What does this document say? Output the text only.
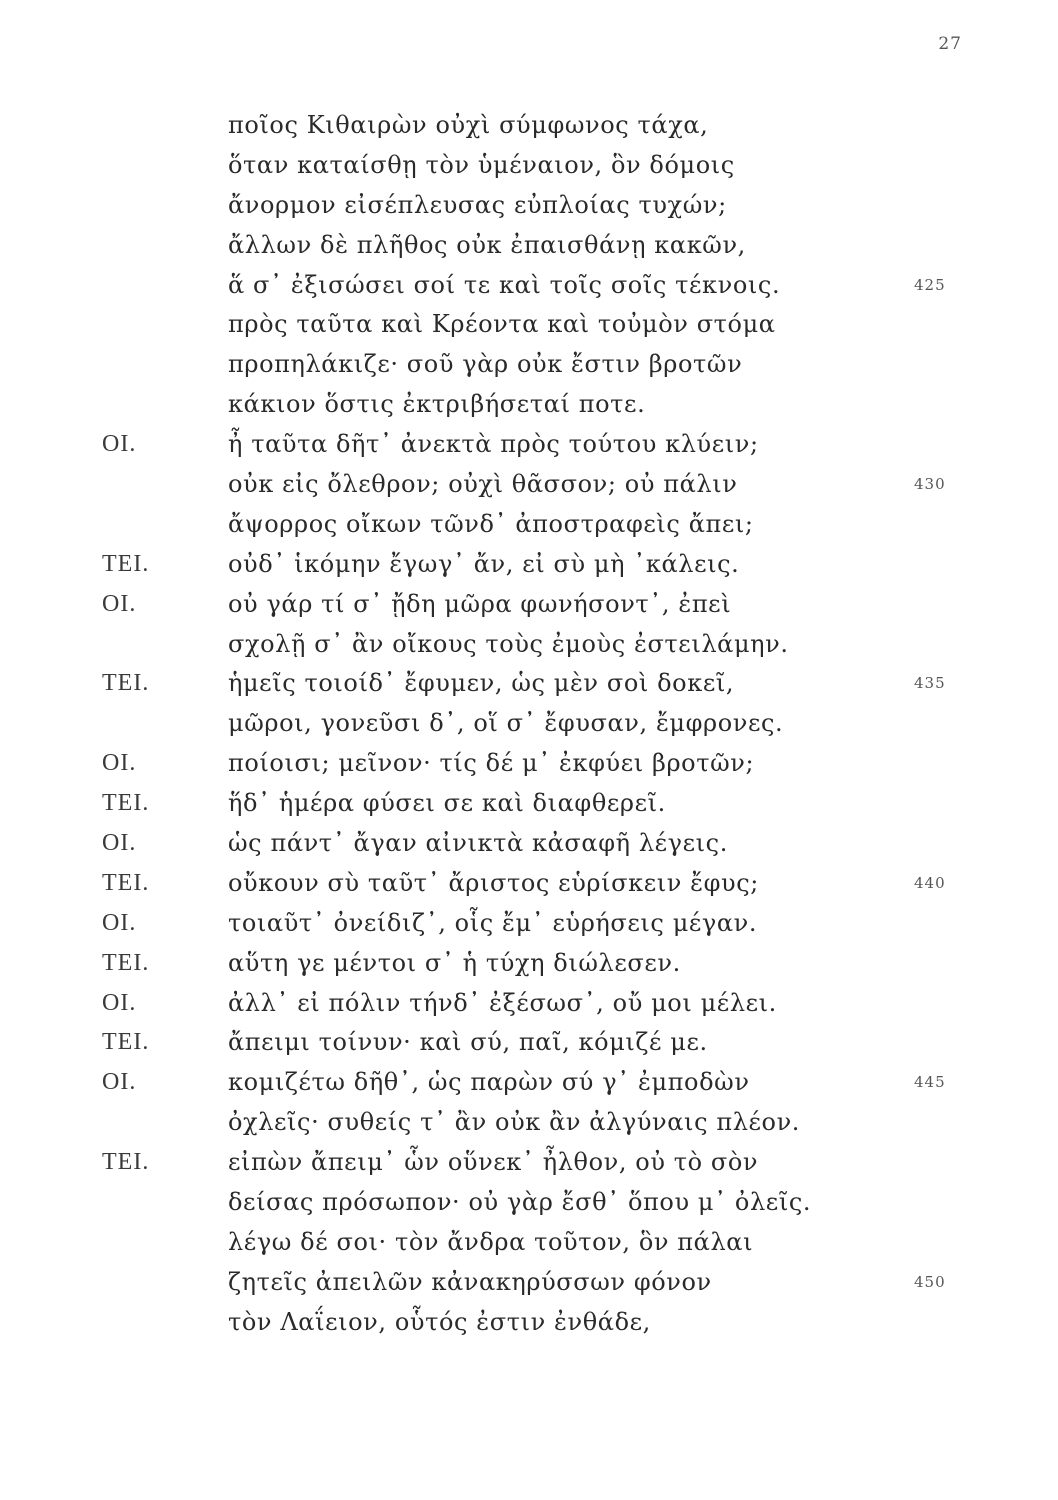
27
ποῖος Κιθαιρὼν οὐχὶ σύμφωνος τάχα,
ὅταν καταίσθῃ τὸν ὑμέναιον, ὃν δόμοις
ἄνορμον εἰσέπλευσας εὐπλοίας τυχών;
ἄλλων δὲ πλῆθος οὐκ ἐπαισθάνῃ κακῶν,
ἅ σ᾽ ἐξισώσει σοί τε καὶ τοῖς σοῖς τέκνοις.	425
πρὸς ταῦτα καὶ Κρέοντα καὶ τοὐμὸν στόμα
προπηλάκιζε· σοῦ γὰρ οὐκ ἔστιν βροτῶν
κάκιον ὅστις ἐκτριβήσεταί ποτε.
ΟΙ.	ἦ ταῦτα δῆτ᾽ ἀνεκτὰ πρὸς τούτου κλύειν;
οὐκ εἰς ὄλεθρον; οὐχὶ θᾶσσον; οὐ πάλιν	430
ἄψορρος οἴκων τῶνδ᾽ ἀποστραφεὶς ἄπει;
ΤΕΙ.	οὐδ᾽ ἱκόμην ἔγωγ᾽ ἄν, εἰ σὺ μὴ ᾽κάλεις.
ΟΙ.	οὐ γάρ τί σ᾽ ᾔδη μῶρα φωνήσοντ᾽, ἐπεὶ
σχολῇ σ᾽ ἂν οἴκους τοὺς ἐμοὺς ἐστειλάμην.
ΤΕΙ.	ἡμεῖς τοιοίδ᾽ ἔφυμεν, ὡς μὲν σοὶ δοκεῖ,	435
μῶροι, γονεῦσι δ᾽, οἵ σ᾽ ἔφυσαν, ἔμφρονες.
ΟΙ.	ποίοισι; μεῖνον· τίς δέ μ᾽ ἐκφύει βροτῶν;
ΤΕΙ.	ἥδ᾽ ἡμέρα φύσει σε καὶ διαφθερεῖ.
ΟΙ.	ὡς πάντ᾽ ἄγαν αἰνικτὰ κἀσαφῆ λέγεις.
ΤΕΙ.	οὔκουν σὺ ταῦτ᾽ ἄριστος εὑρίσκειν ἔφυς;	440
ΟΙ.	τοιαῦτ᾽ ὀνείδιζ᾽, οἷς ἔμ᾽ εὑρήσεις μέγαν.
ΤΕΙ.	αὕτη γε μέντοι σ᾽ ἡ τύχη διώλεσεν.
ΟΙ.	ἀλλ᾽ εἰ πόλιν τήνδ᾽ ἐξέσωσ᾽, οὔ μοι μέλει.
ΤΕΙ.	ἄπειμι τοίνυν· καὶ σύ, παῖ, κόμιζέ με.
ΟΙ.	κομιζέτω δῆθ᾽, ὡς παρὼν σύ γ᾽ ἐμποδὼν	445
ὀχλεῖς· συθείς τ᾽ ἂν οὐκ ἂν ἀλγύναις πλέον.
ΤΕΙ.	εἰπὼν ἄπειμ᾽ ὧν οὕνεκ᾽ ἦλθον, οὐ τὸ σὸν
δείσας πρόσωπον· οὐ γὰρ ἔσθ᾽ ὅπου μ᾽ ὀλεῖς.
λέγω δέ σοι· τὸν ἄνδρα τοῦτον, ὃν πάλαι
ζητεῖς ἀπειλῶν κἀνακηρύσσων φόνον	450
τὸν Λαΐειον, οὗτός ἐστιν ἐνθάδε,
